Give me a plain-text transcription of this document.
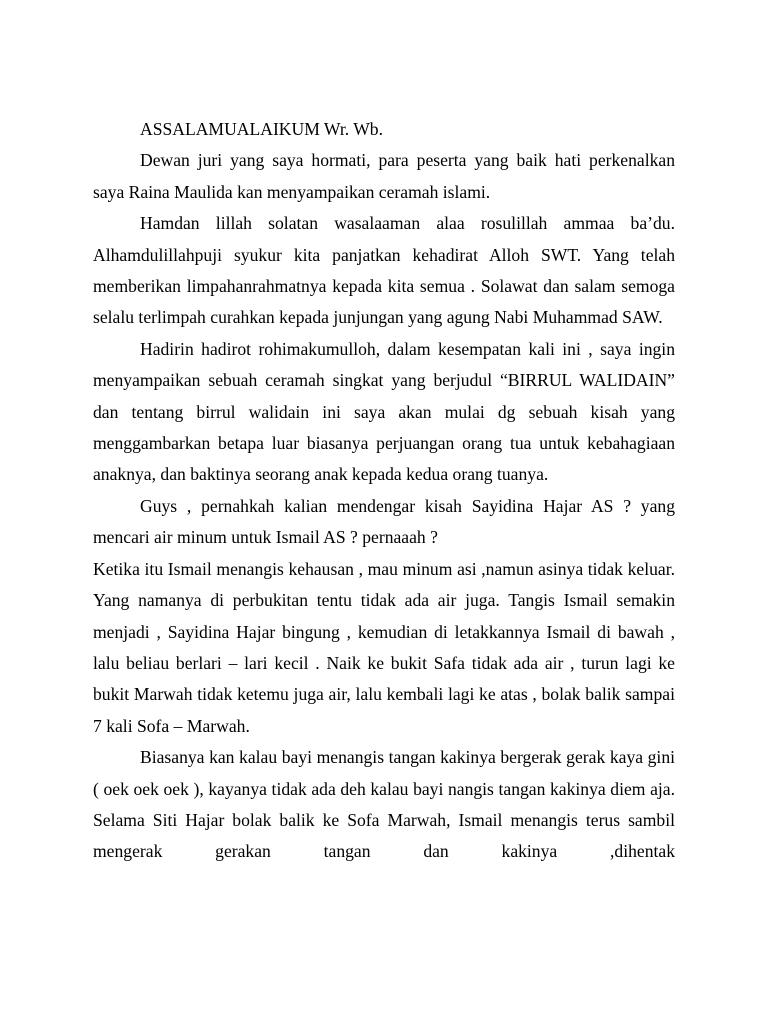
ASSALAMUALAIKUM Wr. Wb.

Dewan juri yang saya hormati, para peserta yang baik hati perkenalkan saya Raina Maulida kan menyampaikan ceramah islami.

Hamdan lillah solatan wasalaaman alaa rosulillah ammaa ba’du. Alhamdulillahpuji syukur kita panjatkan kehadirat Alloh SWT. Yang telah memberikan limpahanrahmatnya kepada kita semua . Solawat dan salam semoga selalu terlimpah curahkan kepada junjungan yang agung Nabi Muhammad SAW.

Hadirin hadirot rohimakumulloh, dalam kesempatan kali ini , saya ingin menyampaikan sebuah ceramah singkat yang berjudul “BIRRUL WALIDAIN” dan tentang birrul walidain ini saya akan mulai dg sebuah kisah yang menggambarkan betapa luar biasanya perjuangan orang tua untuk kebahagiaan anaknya, dan baktinya seorang anak kepada kedua orang tuanya.

Guys , pernahkah kalian mendengar kisah Sayidina Hajar AS ? yang mencari air minum untuk Ismail AS ? pernaaah ?

Ketika itu Ismail menangis kehausan , mau minum asi ,namun asinya tidak keluar. Yang namanya di perbukitan tentu tidak ada air juga. Tangis Ismail semakin menjadi , Sayidina Hajar bingung , kemudian di letakkannya Ismail di bawah , lalu beliau berlari – lari kecil . Naik ke bukit Safa tidak ada air , turun lagi ke bukit Marwah tidak ketemu juga air, lalu kembali lagi ke atas , bolak balik sampai 7 kali Sofa – Marwah.

Biasanya kan kalau bayi menangis tangan kakinya bergerak gerak kaya gini ( oek oek oek ), kayanya tidak ada deh kalau bayi nangis tangan kakinya diem aja. Selama Siti Hajar bolak balik ke Sofa Marwah, Ismail menangis terus sambil mengerak gerakan tangan dan kakinya ,dihentak
